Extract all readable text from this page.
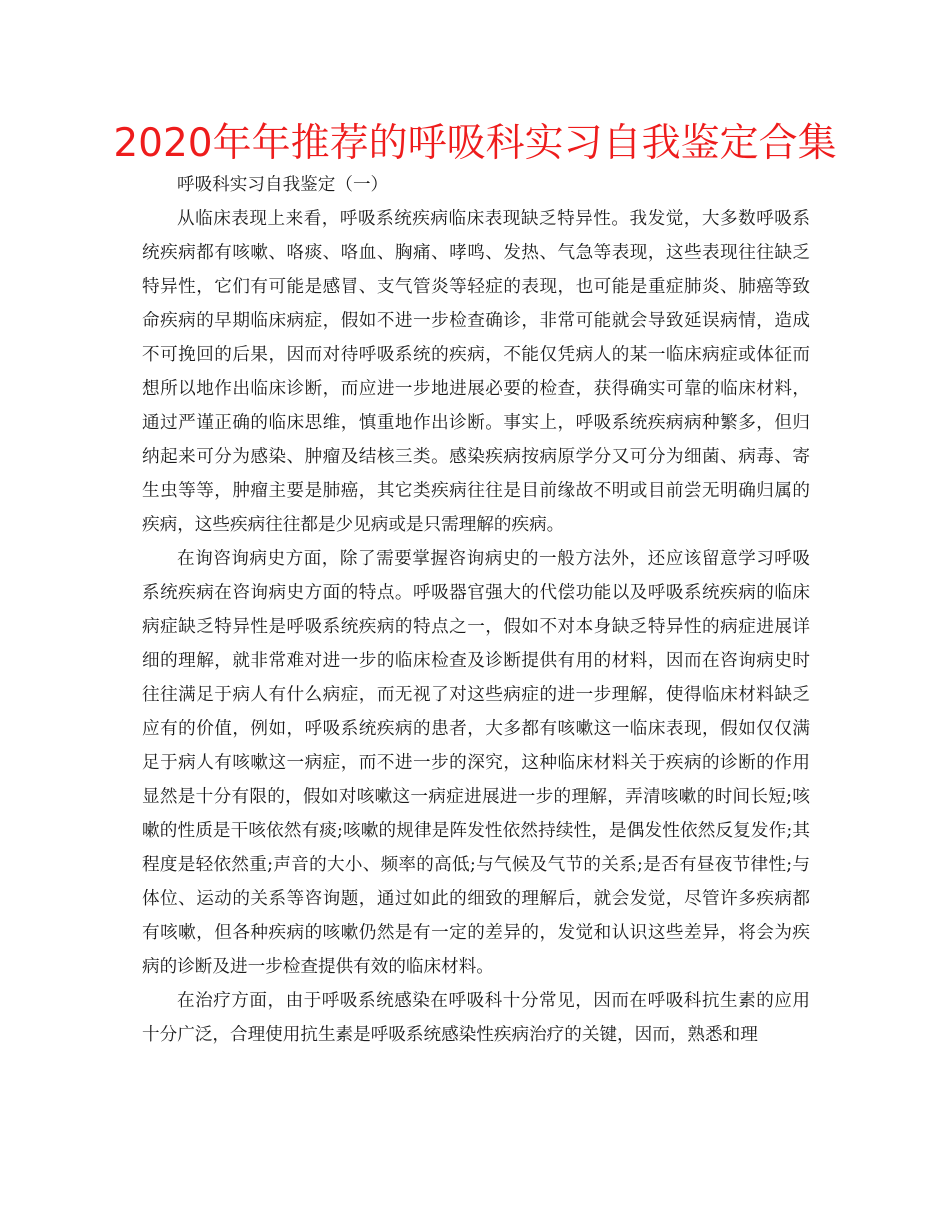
2020年年推荐的呼吸科实习自我鉴定合集

呼吸科实习自我鉴定（一）

从临床表现上来看，呼吸系统疾病临床表现缺乏特异性。我发觉，大多数呼吸系统疾病都有咳嗽、咯痰、咯血、胸痛、哮鸣、发热、气急等表现，这些表现往往缺乏特异性，它们有可能是感冒、支气管炎等轻症的表现，也可能是重症肺炎、肺癌等致命疾病的早期临床病症，假如不进一步检查确诊，非常可能就会导致延误病情，造成不可挽回的后果，因而对待呼吸系统的疾病，不能仅凭病人的某一临床病症或体征而想所以地作出临床诊断，而应进一步地进展必要的检查，获得确实可靠的临床材料，通过严谨正确的临床思维，慎重地作出诊断。事实上，呼吸系统疾病病种繁多，但归纳起来可分为感染、肿瘤及结核三类。感染疾病按病原学分又可分为细菌、病毒、寄生虫等等，肿瘤主要是肺癌，其它类疾病往往是目前缘故不明或目前尝无明确归属的疾病，这些疾病往往都是少见病或是只需理解的疾病。

在询咨询病史方面，除了需要掌握咨询病史的一般方法外，还应该留意学习呼吸系统疾病在咨询病史方面的特点。呼吸器官强大的代偿功能以及呼吸系统疾病的临床病症缺乏特异性是呼吸系统疾病的特点之一，假如不对本身缺乏特异性的病症进展详细的理解，就非常难对进一步的临床检查及诊断提供有用的材料，因而在咨询病史时往往满足于病人有什么病症，而无视了对这些病症的进一步理解，使得临床材料缺乏应有的价值，例如，呼吸系统疾病的患者，大多都有咳嗽这一临床表现，假如仅仅满足于病人有咳嗽这一病症，而不进一步的深究，这种临床材料关于疾病的诊断的作用显然是十分有限的，假如对咳嗽这一病症进展进一步的理解，弄清咳嗽的时间长短;咳嗽的性质是干咳依然有痰;咳嗽的规律是阵发性依然持续性，是偶发性依然反复发作;其程度是轻依然重;声音的大小、频率的高低;与气候及气节的关系;是否有昼夜节律性;与体位、运动的关系等咨询题，通过如此的细致的理解后，就会发觉，尽管许多疾病都有咳嗽，但各种疾病的咳嗽仍然是有一定的差异的，发觉和认识这些差异，将会为疾病的诊断及进一步检查提供有效的临床材料。

在治疗方面，由于呼吸系统感染在呼吸科十分常见，因而在呼吸科抗生素的应用十分广泛，合理使用抗生素是呼吸系统感染性疾病治疗的关键，因而，熟悉和理
